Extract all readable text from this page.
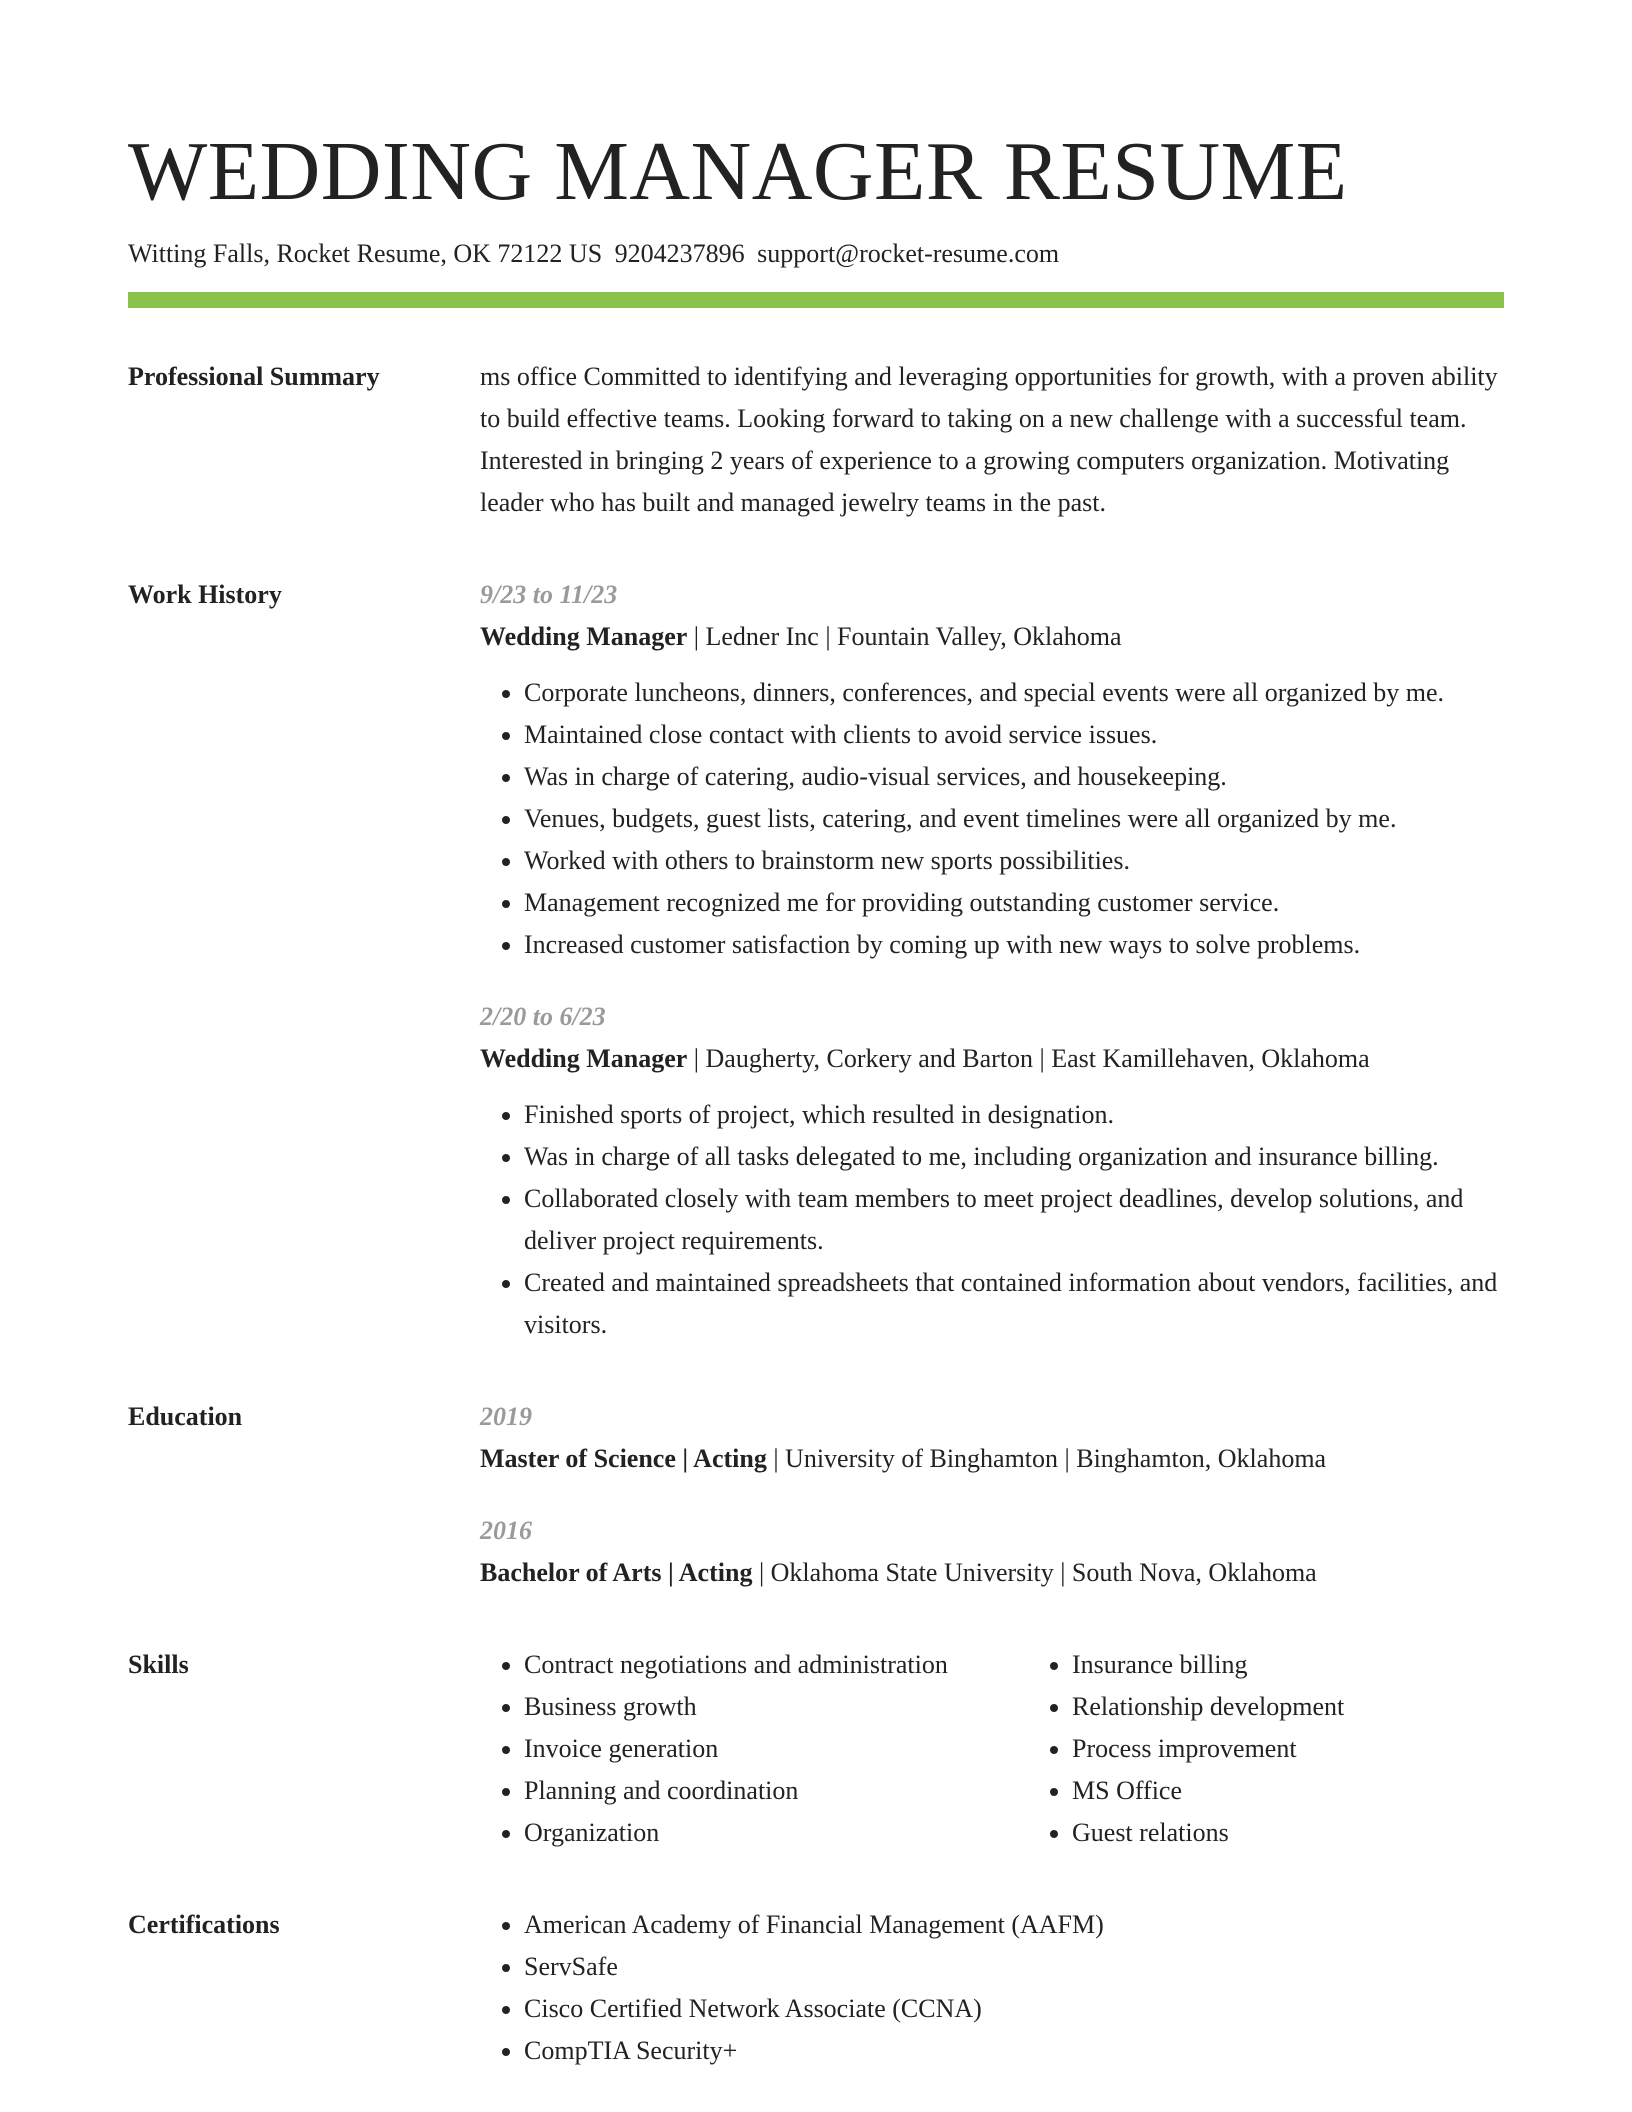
WEDDING MANAGER RESUME
Witting Falls, Rocket Resume, OK 72122 US 9204237896 support@rocket-resume.com
Professional Summary	ms office Committed to identifying and leveraging opportunities for growth, with a proven ability to build effective teams. Looking forward to taking on a new challenge with a successful team. Interested in bringing 2 years of experience to a growing computers organization. Motivating leader who has built and managed jewelry teams in the past.

Work History	9/23 to 11/23
Wedding Manager | Ledner Inc | Fountain Valley, Oklahoma
• Corporate luncheons, dinners, conferences, and special events were all organized by me.
• Maintained close contact with clients to avoid service issues.
• Was in charge of catering, audio-visual services, and housekeeping.
• Venues, budgets, guest lists, catering, and event timelines were all organized by me.
• Worked with others to brainstorm new sports possibilities.
• Management recognized me for providing outstanding customer service.
• Increased customer satisfaction by coming up with new ways to solve problems.
2/20 to 6/23
Wedding Manager | Daugherty, Corkery and Barton | East Kamillehaven, Oklahoma
• Finished sports of project, which resulted in designation.
• Was in charge of all tasks delegated to me, including organization and insurance billing.
• Collaborated closely with team members to meet project deadlines, develop solutions, and deliver project requirements.
• Created and maintained spreadsheets that contained information about vendors, facilities, and visitors.
Education	2019
Master of Science | Acting | University of Binghamton | Binghamton, Oklahoma
2016
Bachelor of Arts | Acting | Oklahoma State University | South Nova, Oklahoma
Skills	• Contract negotiations and administration
• Business growth
• Invoice generation
• Planning and coordination
• Organization
• Insurance billing
• Relationship development
• Process improvement
• MS Office
• Guest relations
Certifications	• American Academy of Financial Management (AAFM)
• ServSafe
• Cisco Certified Network Associate (CCNA)
• CompTIA Security+
